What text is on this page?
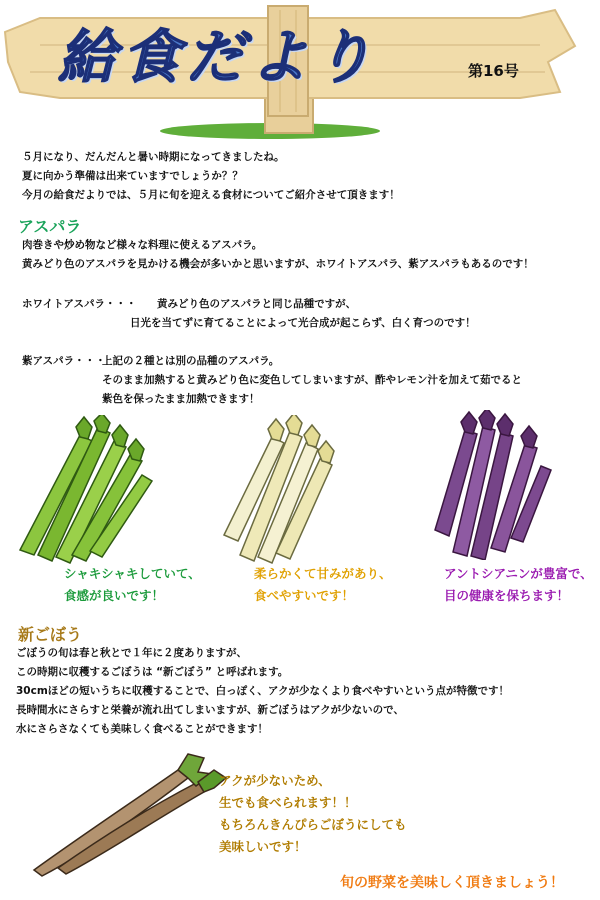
給食だより	第16号
５月になり、だんだんと暑い時期になってきましたね。
夏に向かう準備は出来ていますでしょうか？？
今月の給食だよりでは、５月に旬を迎える食材についてご紹介させて頂きます！
アスパラ
肉巻きや炒め物など様々な料理に使えるアスパラ。
黄みどり色のアスパラを見かける機会が多いかと思いますが、ホワイトアスパラ、紫アスパラもあるのです！
ホワイトアスパラ・・・ 黄みどり色のアスパラと同じ品種ですが、
日光を当てずに育てることによって光合成が起こらず、白く育つのです！
紫アスパラ・・・
上記の２種とは別の品種のアスパラ。
そのまま加熱すると黄みどり色に変色してしまいますが、酢やレモン汁を加えて茹でると
紫色を保ったまま加熱できます！
シャキシャキしていて、
食感が良いです！
柔らかくて甘みがあり、
食べやすいです！
アントシアニンが豊富で、
目の健康を保ちます！
新ごぼう
ごぼうの旬は春と秋とで１年に２度ありますが、
この時期に収穫するごぼうは “新ごぼう” と呼ばれます。
30cmほどの短いうちに収穫することで、白っぽく、アクが少なくより食べやすいという点が特徴です！
長時間水にさらすと栄養が流れ出てしまいますが、新ごぼうはアクが少ないので、
水にさらさなくても美味しく食べることができます！
アクが少ないため、
生でも食べられます！！
もちろんきんぴらごぼうにしても
美味しいです！
旬の野菜を美味しく頂きましょう！
